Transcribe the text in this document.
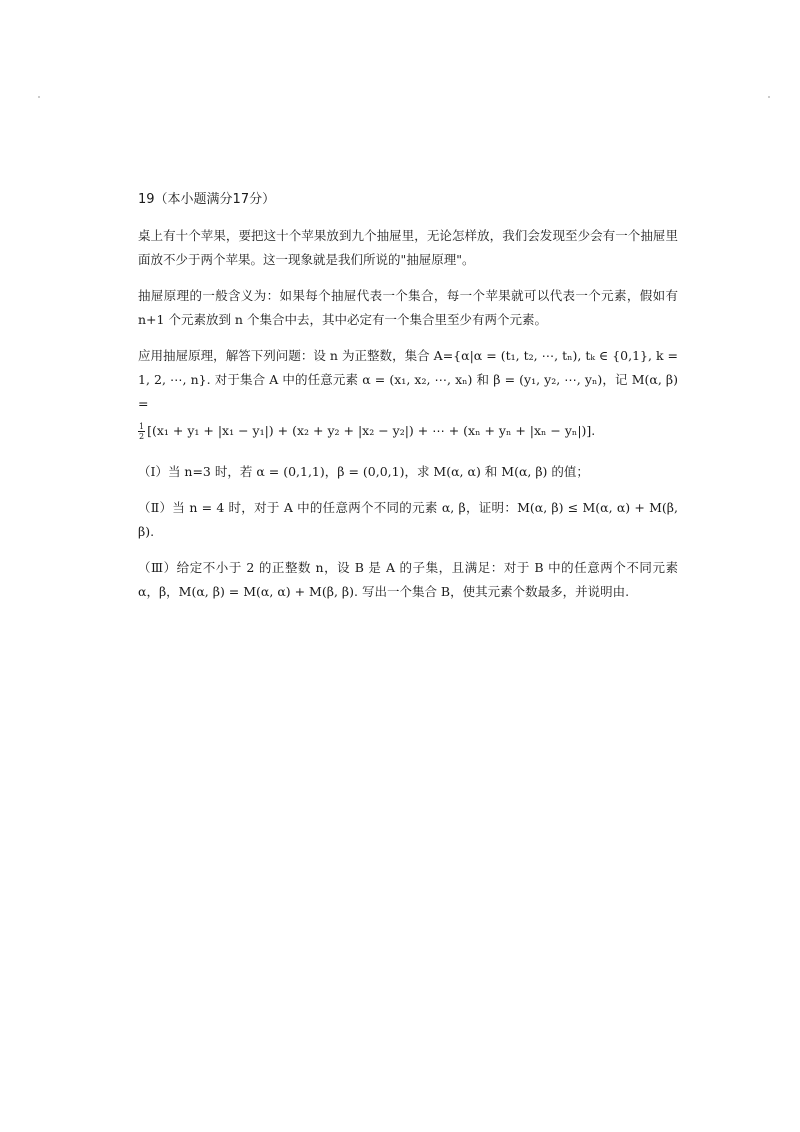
19（本小题满分17分）

桌上有十个苹果，要把这十个苹果放到九个抽屉里，无论怎样放，我们会发现至少会有一个抽屉里面放不少于两个苹果。这一现象就是我们所说的"抽屉原理"。

抽屉原理的一般含义为：如果每个抽屉代表一个集合，每一个苹果就可以代表一个元素，假如有 n+1 个元素放到 n 个集合中去，其中必定有一个集合里至少有两个元素。

应用抽屉原理，解答下列问题：设 n 为正整数，集合 A={α|α = (t₁, t₂, ⋯, tₙ), tₖ ∈ {0,1}, k = 1, 2, ⋯, n}. 对于集合 A 中的任意元素 α = (x₁, x₂, ⋯, xₙ) 和 β = (y₁, y₂, ⋯, yₙ)，记 M(α, β) =

$\frac{1}{2} [(x_1 + y_1 + |x_1 - y_1|) + (x_2 + y_2 + |x_2 - y_2|)$ + ⋯ + (xₙ + yₙ + |xₙ − yₙ|)].

（Ⅰ）当 n=3 时，若 α = (0,1,1)，β = (0,0,1)，求 M(α, α) 和 M(α, β) 的值；

（Ⅱ）当 n = 4 时，对于 A 中的任意两个不同的元素 α, β，证明：M(α, β) ≤ M(α, α) + M(β, β).

（Ⅲ）给定不小于 2 的正整数 n，设 B 是 A 的子集，且满足：对于 B 中的任意两个不同元素 α，β，M(α, β) = M(α, α) + M(β, β). 写出一个集合 B，使其元素个数最多，并说明由.
